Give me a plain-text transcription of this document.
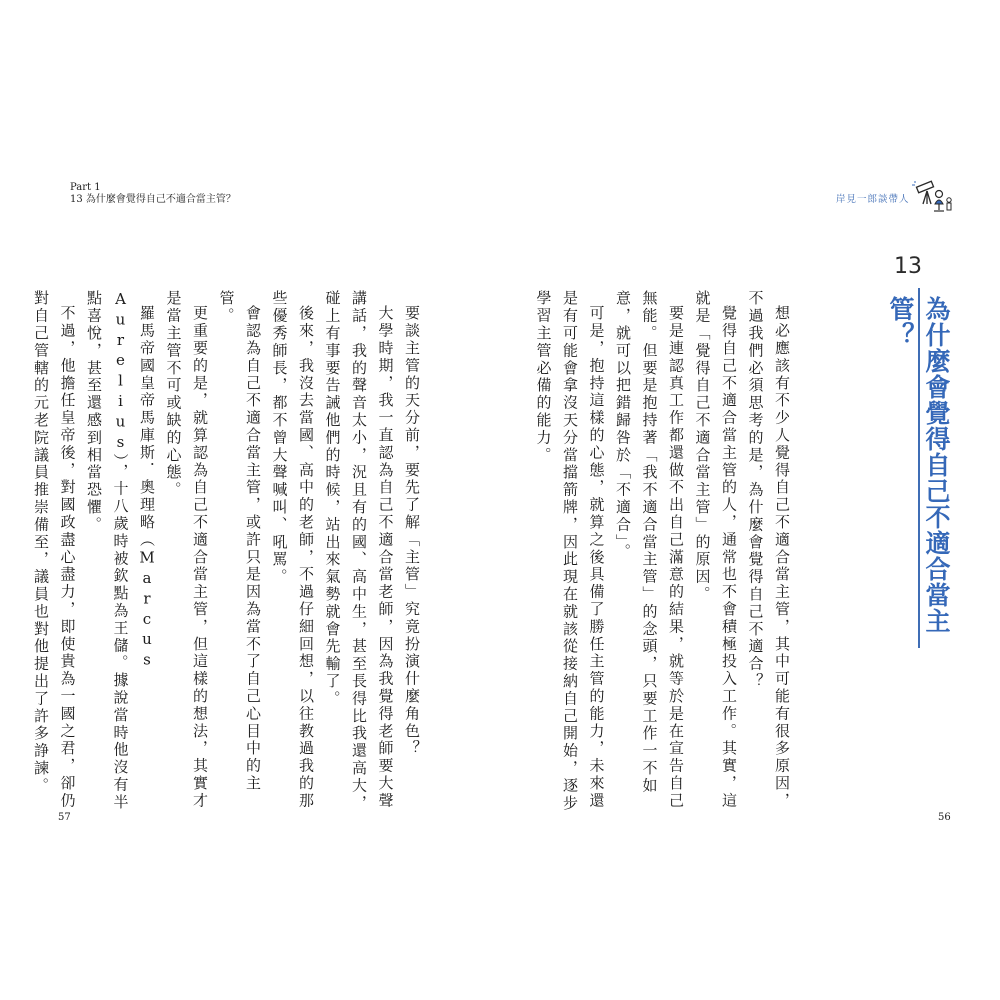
Part 1
13 為什麼會覺得自己不適合當主管？

要談主管的天分前，要先了解「主管」究竟扮演什麼角色？

大學時期，我一直認為自己不適合當老師，因為我覺得老師要大聲講話，我的聲音太小，況且有的國、高中生，甚至長得比我還高大，碰上有事要告誡他們的時候，站出來氣勢就會先輸了。

後來，我沒去當國、高中的老師，不過仔細回想，以往教過我的那些優秀師長，都不曾大聲喊叫、吼罵。

會認為自己不適合當主管，或許只是因為當不了自己心目中的主管。

更重要的是，就算認為自己不適合當主管，但這樣的想法，其實才是當主管不可或缺的心態。

羅馬帝國皇帝馬庫斯．奧理略（Marcus Aurelius），十八歲時被欽點為王儲。據說當時他沒有半點喜悅，甚至還感到相當恐懼。

不過，他擔任皇帝後，對國政盡心盡力，即使貴為一國之君，卻仍對自己管轄的元老院議員推崇備至，議員也對他提出了許多諍諫。

57
岸見一郎談帶人
13
為什麼會覺得自己不適合當主管？

想必應該有不少人覺得自己不適合當主管，其中可能有很多原因，不過我們必須思考的是，為什麼會覺得自己不適合？

覺得自己不適合當主管的人，通常也不會積極投入工作。其實，這就是「覺得自己不適合當主管」的原因。

要是連認真工作都還做不出自己滿意的結果，就等於是在宣告自己無能。但要是抱持著「我不適合當主管」的念頭，只要工作一不如意，就可以把錯歸咎於「不適合」。

可是，抱持這樣的心態，就算之後具備了勝任主管的能力，未來還是有可能會拿沒天分當擋箭牌，因此現在就該從接納自己開始，逐步學習主管必備的能力。

56
